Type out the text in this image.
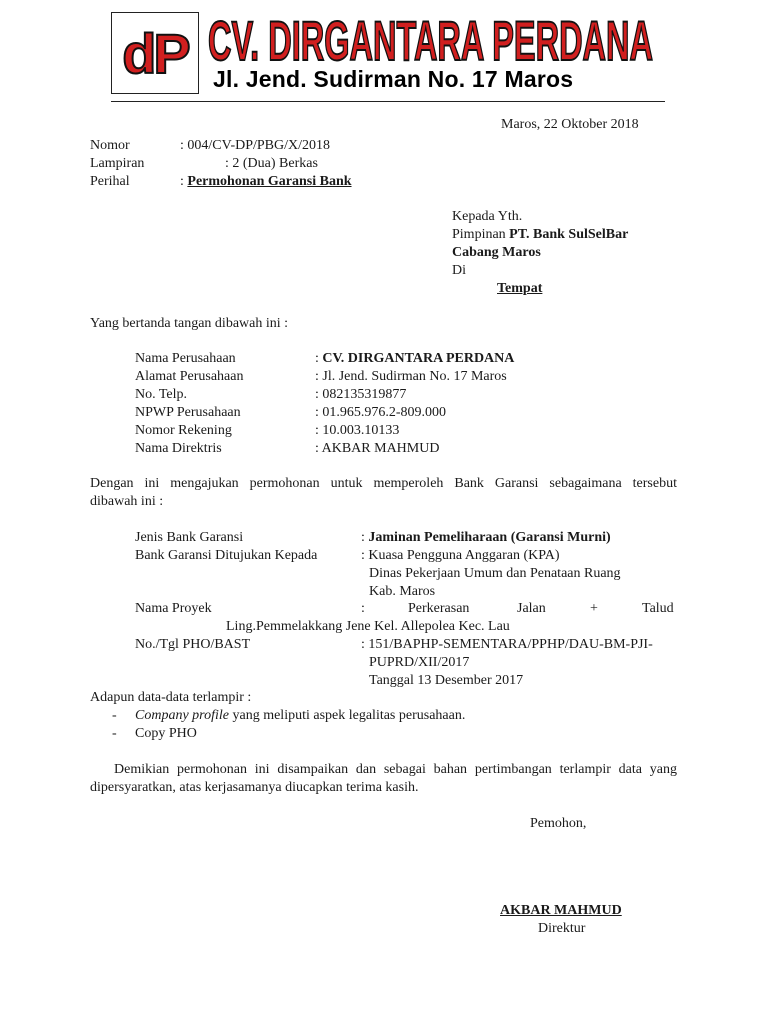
dP CV. DIRGANTARA PERDANA
Jl. Jend. Sudirman No. 17 Maros
Maros, 22 Oktober 2018
Nomor	: 004/CV-DP/PBG/X/2018
Lampiran	: 2 (Dua) Berkas
Perihal	: Permohonan Garansi Bank
Kepada Yth.
Pimpinan PT. Bank SulSelBar
Cabang Maros
Di
Tempat
Yang bertanda tangan dibawah ini :
Nama Perusahaan	: CV. DIRGANTARA PERDANA
Alamat Perusahaan	: Jl. Jend. Sudirman No. 17 Maros
No. Telp.	: 082135319877
NPWP Perusahaan	: 01.965.976.2-809.000
Nomor Rekening	: 10.003.10133
Nama Direktris	: AKBAR MAHMUD
Dengan ini mengajukan permohonan untuk memperoleh Bank Garansi sebagaimana tersebut
dibawah ini :
Jenis Bank Garansi	: Jaminan Pemeliharaan (Garansi Murni)
Bank Garansi Ditujukan Kepada	: Kuasa Pengguna Anggaran (KPA)
Dinas Pekerjaan Umum dan Penataan Ruang
Kab. Maros
Nama Proyek	:	Perkerasan	Jalan	+	Talud
Ling.Pemmelakkang Jene Kel. Allepolea Kec. Lau
No./Tgl PHO/BAST	: 151/BAPHP-SEMENTARA/PPHP/DAU-BM-PJI-
PUPRD/XII/2017
Tanggal 13 Desember 2017
Adapun data-data terlampir :
- Company profile yang meliputi aspek legalitas perusahaan.
- Copy PHO
Demikian permohonan ini disampaikan dan sebagai bahan pertimbangan terlampir data yang
dipersyaratkan, atas kerjasamanya diucapkan terima kasih.
Pemohon,
AKBAR MAHMUD
Direktur
